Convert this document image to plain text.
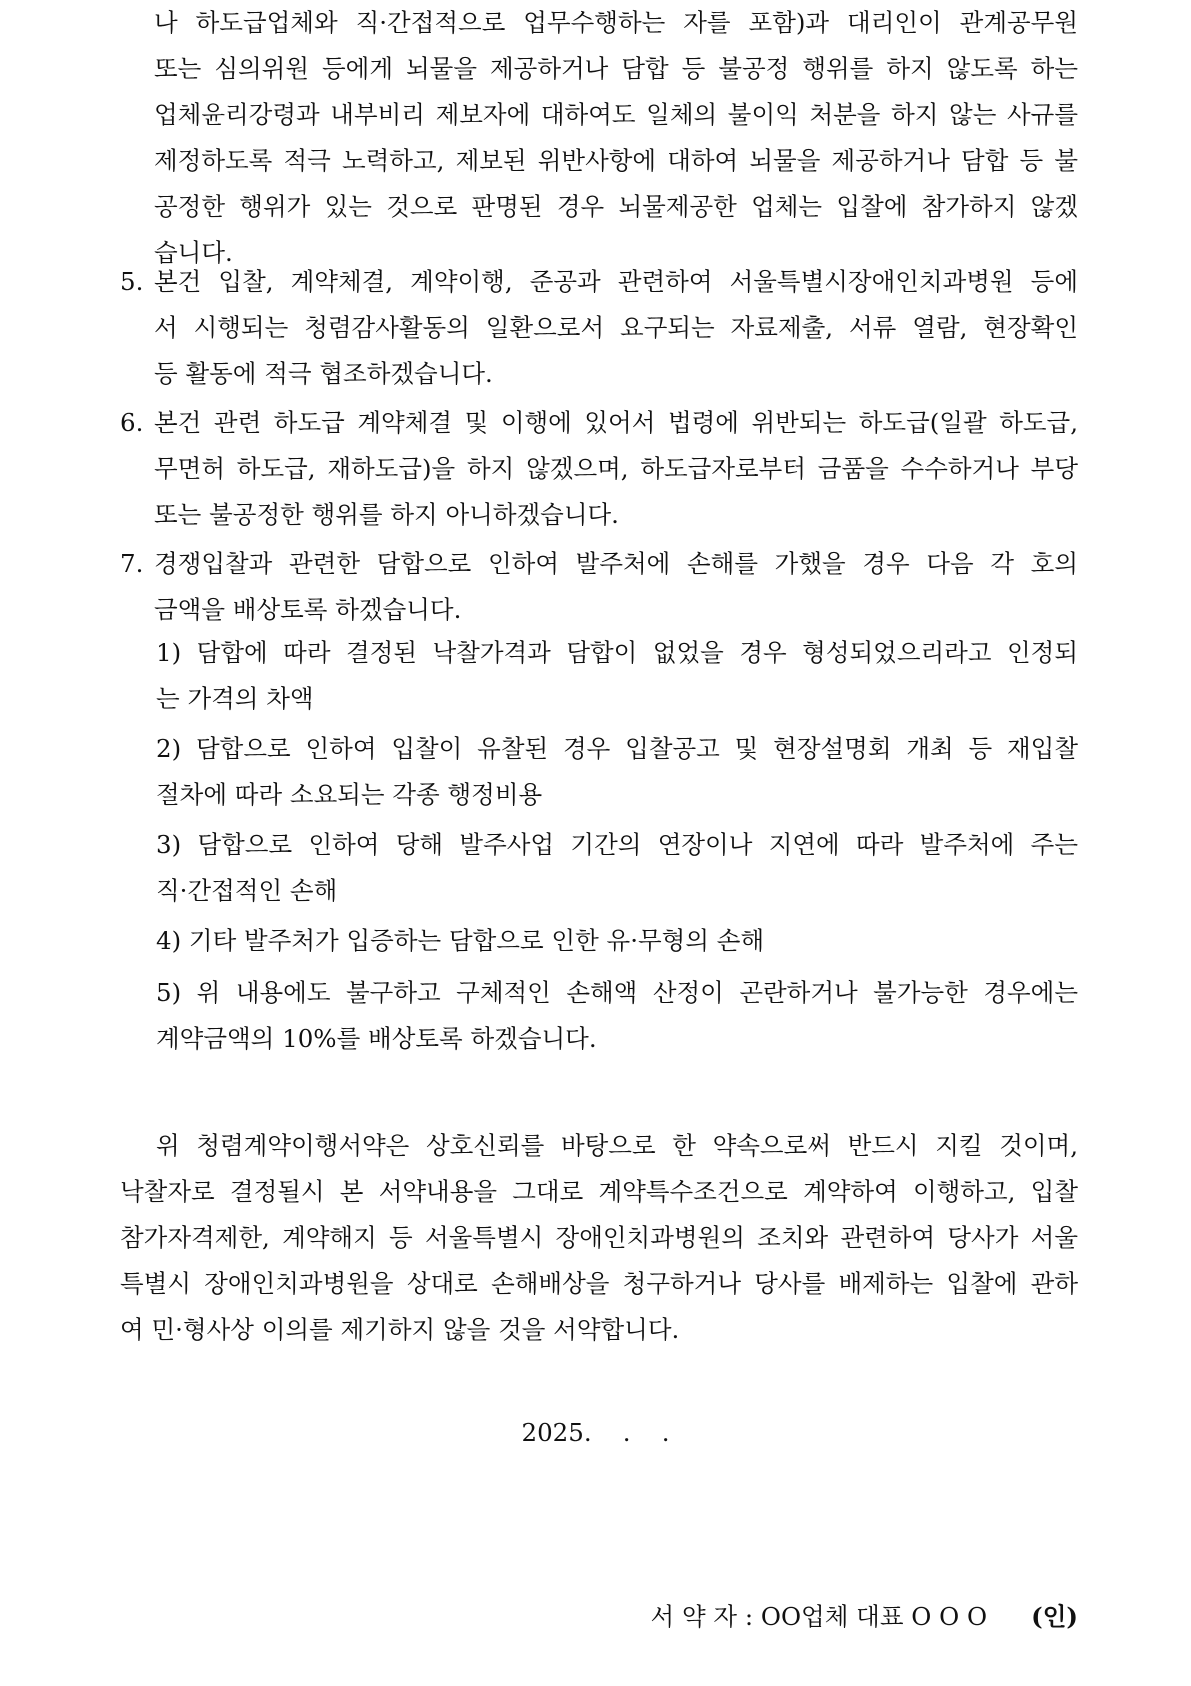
나 하도급업체와 직·간접적으로 업무수행하는 자를 포함)과 대리인이 관계공무원
또는 심의위원 등에게 뇌물을 제공하거나 담합 등 불공정 행위를 하지 않도록 하는
업체윤리강령과 내부비리 제보자에 대하여도 일체의 불이익 처분을 하지 않는 사규를
제정하도록 적극 노력하고, 제보된 위반사항에 대하여 뇌물을 제공하거나 담합 등 불
공정한 행위가 있는 것으로 판명된 경우 뇌물제공한 업체는 입찰에 참가하지 않겠
습니다.
5. 본건 입찰, 계약체결, 계약이행, 준공과 관련하여 서울특별시장애인치과병원 등에
서 시행되는 청렴감사활동의 일환으로서 요구되는 자료제출, 서류 열람, 현장확인
등 활동에 적극 협조하겠습니다.
6. 본건 관련 하도급 계약체결 및 이행에 있어서 법령에 위반되는 하도급(일괄 하도급,
무면허 하도급, 재하도급)을 하지 않겠으며, 하도급자로부터 금품을 수수하거나 부당
또는 불공정한 행위를 하지 아니하겠습니다.
7. 경쟁입찰과 관련한 담합으로 인하여 발주처에 손해를 가했을 경우 다음 각 호의
금액을 배상토록 하겠습니다.
1) 담합에 따라 결정된 낙찰가격과 담합이 없었을 경우 형성되었으리라고 인정되
는 가격의 차액
2) 담합으로 인하여 입찰이 유찰된 경우 입찰공고 및 현장설명회 개최 등 재입찰
절차에 따라 소요되는 각종 행정비용
3) 담합으로 인하여 당해 발주사업 기간의 연장이나 지연에 따라 발주처에 주는
직·간접적인 손해
4) 기타 발주처가 입증하는 담합으로 인한 유·무형의 손해
5) 위 내용에도 불구하고 구체적인 손해액 산정이 곤란하거나 불가능한 경우에는
계약금액의 10%를 배상토록 하겠습니다.
위 청렴계약이행서약은 상호신뢰를 바탕으로 한 약속으로써 반드시 지킬 것이며,
낙찰자로 결정될시 본 서약내용을 그대로 계약특수조건으로 계약하여 이행하고, 입찰
참가자격제한, 계약해지 등 서울특별시 장애인치과병원의 조치와 관련하여 당사가 서울
특별시 장애인치과병원을 상대로 손해배상을 청구하거나 당사를 배제하는 입찰에 관하
여 민·형사상 이의를 제기하지 않을 것을 서약합니다.
2025.    .    .

서 약 자 : OO업체 대표 O O O (인)
